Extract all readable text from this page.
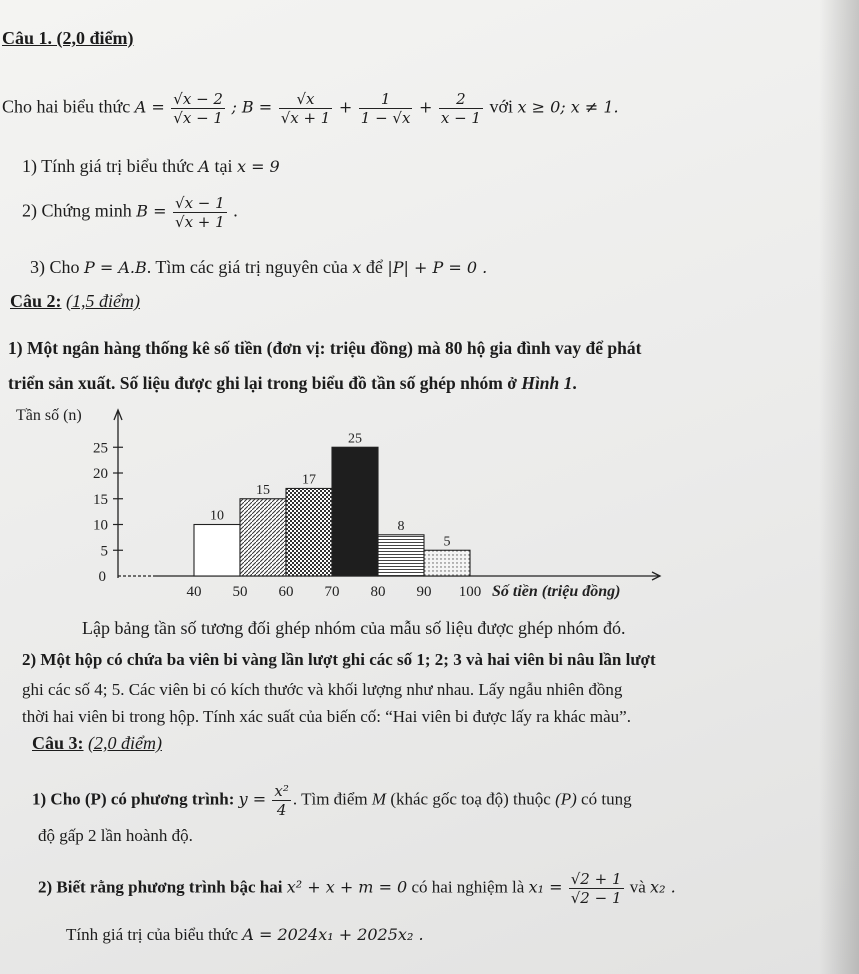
Câu 1. (2,0 điểm)
Cho hai biểu thức $A = \frac{√x - 2}{√x - 1}$ ; $B = \frac{√x}{√x + 1} + \frac{1}{1 - √x} + \frac{2}{x - 1}$ với x ≥ 0; x ≠ 1.
1) Tính giá trị biểu thức A tại x = 9
2) Chứng minh $B = \frac{√x - 1}{√x + 1}$ .
3) Cho P = A.B. Tìm các giá trị nguyên của x để |P| + P = 0 .
Câu 2: (1,5 điểm)
1) Một ngân hàng thống kê số tiền (đơn vị: triệu đồng) mà 80 hộ gia đình vay để phát
triển sản xuất. Số liệu được ghi lại trong biểu đồ tần số ghép nhóm ở Hình 1.
Tần số (n)
5
10
15
20
25
0
40 50 60 70 80 90 100
10
15
17
25
8
5
Số tiền (triệu đồng)
Lập bảng tần số tương đối ghép nhóm của mẫu số liệu được ghép nhóm đó.
2) Một hộp có chứa ba viên bi vàng lần lượt ghi các số 1; 2; 3 và hai viên bi nâu lần lượt
ghi các số 4; 5. Các viên bi có kích thước và khối lượng như nhau. Lấy ngẫu nhiên đồng
thời hai viên bi trong hộp. Tính xác suất của biến cố: “Hai viên bi được lấy ra khác màu”.
Câu 3: (2,0 điểm)
1) Cho (P) có phương trình: $y = \frac{\text{x²}}{4}$ . Tìm điểm M (khác gốc toạ độ) thuộc (P) có tung
độ gấp 2 lần hoành độ.
2) Biết rằng phương trình bậc hai x² + x + m = 0 có hai nghiệm là $x_1 = \frac{√2 + 1}{√2 - 1}$ và x₂ .
Tính giá trị của biểu thức A = 2024x₁ + 2025x₂ .
